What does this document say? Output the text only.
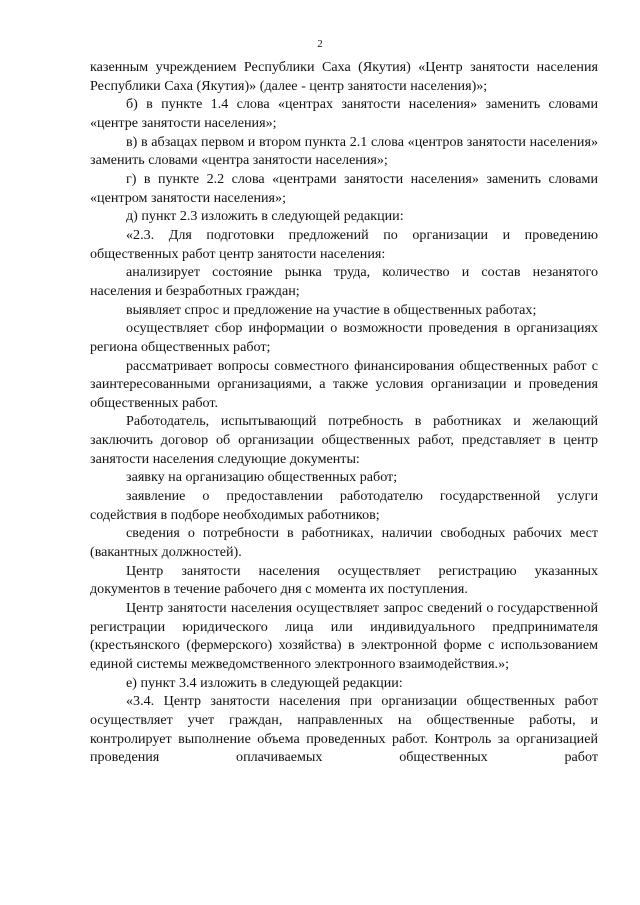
2

казенным учреждением Республики Саха (Якутия) «Центр занятости населения Республики Саха (Якутия)» (далее - центр занятости населения)»;

б) в пункте 1.4 слова «центрах занятости населения» заменить словами «центре занятости населения»;

в) в абзацах первом и втором пункта 2.1 слова «центров занятости населения» заменить словами «центра занятости населения»;

г) в пункте 2.2 слова «центрами занятости населения» заменить словами «центром занятости населения»;

д) пункт 2.3 изложить в следующей редакции:

«2.3. Для подготовки предложений по организации и проведению общественных работ центр занятости населения:

анализирует состояние рынка труда, количество и состав незанятого населения и безработных граждан;

выявляет спрос и предложение на участие в общественных работах;

осуществляет сбор информации о возможности проведения в организациях региона общественных работ;

рассматривает вопросы совместного финансирования общественных работ с заинтересованными организациями, а также условия организации и проведения общественных работ.

Работодатель, испытывающий потребность в работниках и желающий заключить договор об организации общественных работ, представляет в центр занятости населения следующие документы:

заявку на организацию общественных работ;

заявление о предоставлении работодателю государственной услуги содействия в подборе необходимых работников;

сведения о потребности в работниках, наличии свободных рабочих мест (вакантных должностей).

Центр занятости населения осуществляет регистрацию указанных документов в течение рабочего дня с момента их поступления.

Центр занятости населения осуществляет запрос сведений о государственной регистрации юридического лица или индивидуального предпринимателя (крестьянского (фермерского) хозяйства) в электронной форме с использованием единой системы межведомственного электронного взаимодействия.»;

е) пункт 3.4 изложить в следующей редакции:

«3.4. Центр занятости населения при организации общественных работ осуществляет учет граждан, направленных на общественные работы, и контролирует выполнение объема проведенных работ. Контроль за организацией проведения оплачиваемых общественных работ
